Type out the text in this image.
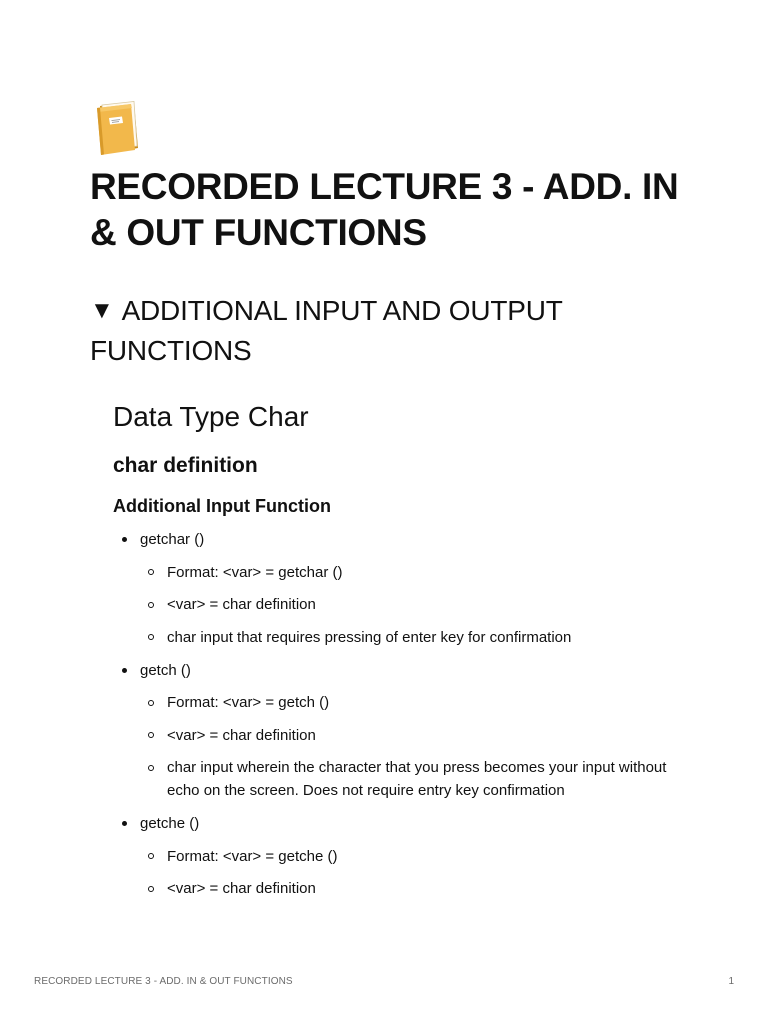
RECORDED LECTURE 3 - ADD. IN & OUT FUNCTIONS
▼ ADDITIONAL INPUT AND OUTPUT FUNCTIONS
Data Type Char
char definition
Additional Input Function
getchar ()
Format: <var> = getchar ()
<var> = char definition
char input that requires pressing of enter key for confirmation
getch ()
Format: <var> = getch ()
<var> = char definition
char input wherein the character that you press becomes your input without echo on the screen. Does not require entry key confirmation
getche ()
Format: <var> = getche ()
<var> = char definition
RECORDED LECTURE 3 - ADD. IN & OUT FUNCTIONS	1
